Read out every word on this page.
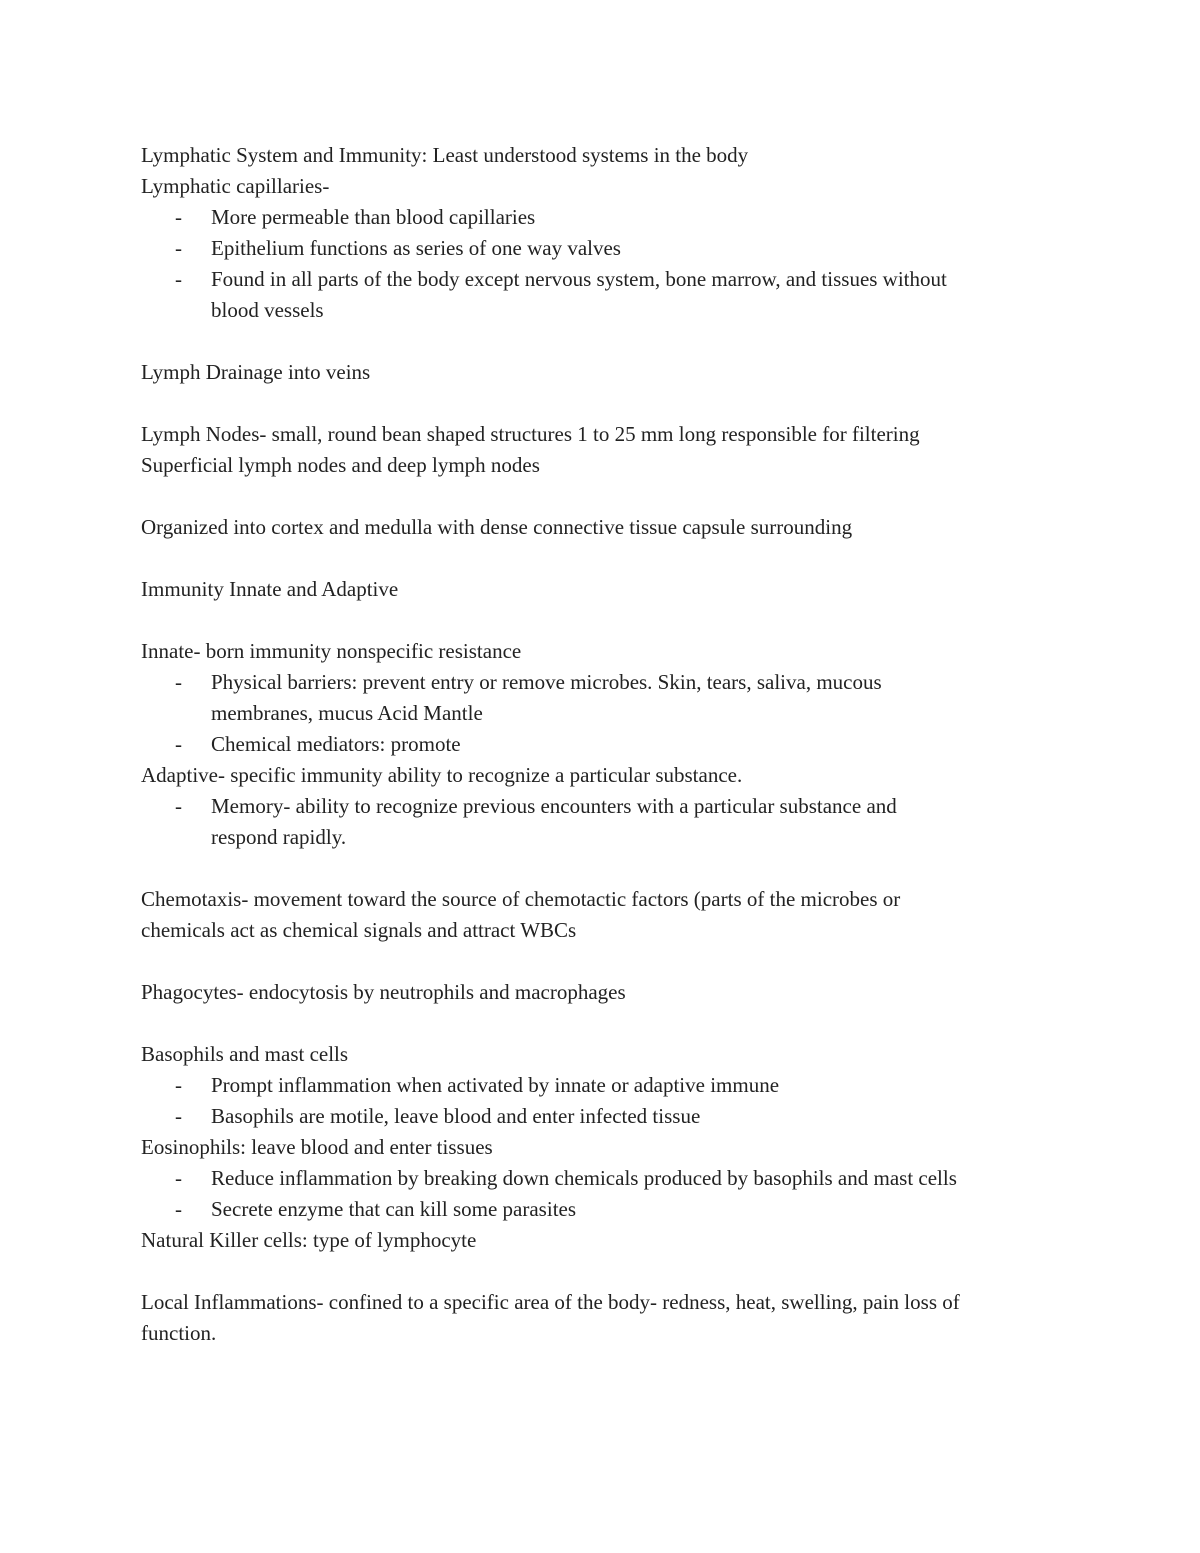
Lymphatic System and Immunity: Least understood systems in the body

Lymphatic capillaries-

- More permeable than blood capillaries

- Epithelium functions as series of one way valves

- Found in all parts of the body except nervous system, bone marrow, and tissues without

blood vessels

Lymph Drainage into veins

Lymph Nodes- small, round bean shaped structures 1 to 25 mm long responsible for filtering

Superficial lymph nodes and deep lymph nodes

Organized into cortex and medulla with dense connective tissue capsule surrounding

Immunity Innate and Adaptive

Innate- born immunity nonspecific resistance

- Physical barriers: prevent entry or remove microbes. Skin, tears, saliva, mucous

membranes, mucus Acid Mantle

- Chemical mediators: promote

Adaptive- specific immunity ability to recognize a particular substance.

- Memory- ability to recognize previous encounters with a particular substance and

respond rapidly.

Chemotaxis- movement toward the source of chemotactic factors (parts of the microbes or

chemicals act as chemical signals and attract WBCs

Phagocytes- endocytosis by neutrophils and macrophages

Basophils and mast cells

- Prompt inflammation when activated by innate or adaptive immune

- Basophils are motile, leave blood and enter infected tissue

Eosinophils: leave blood and enter tissues

- Reduce inflammation by breaking down chemicals produced by basophils and mast cells

- Secrete enzyme that can kill some parasites

Natural Killer cells: type of lymphocyte

Local Inflammations- confined to a specific area of the body- redness, heat, swelling, pain loss of

function.
